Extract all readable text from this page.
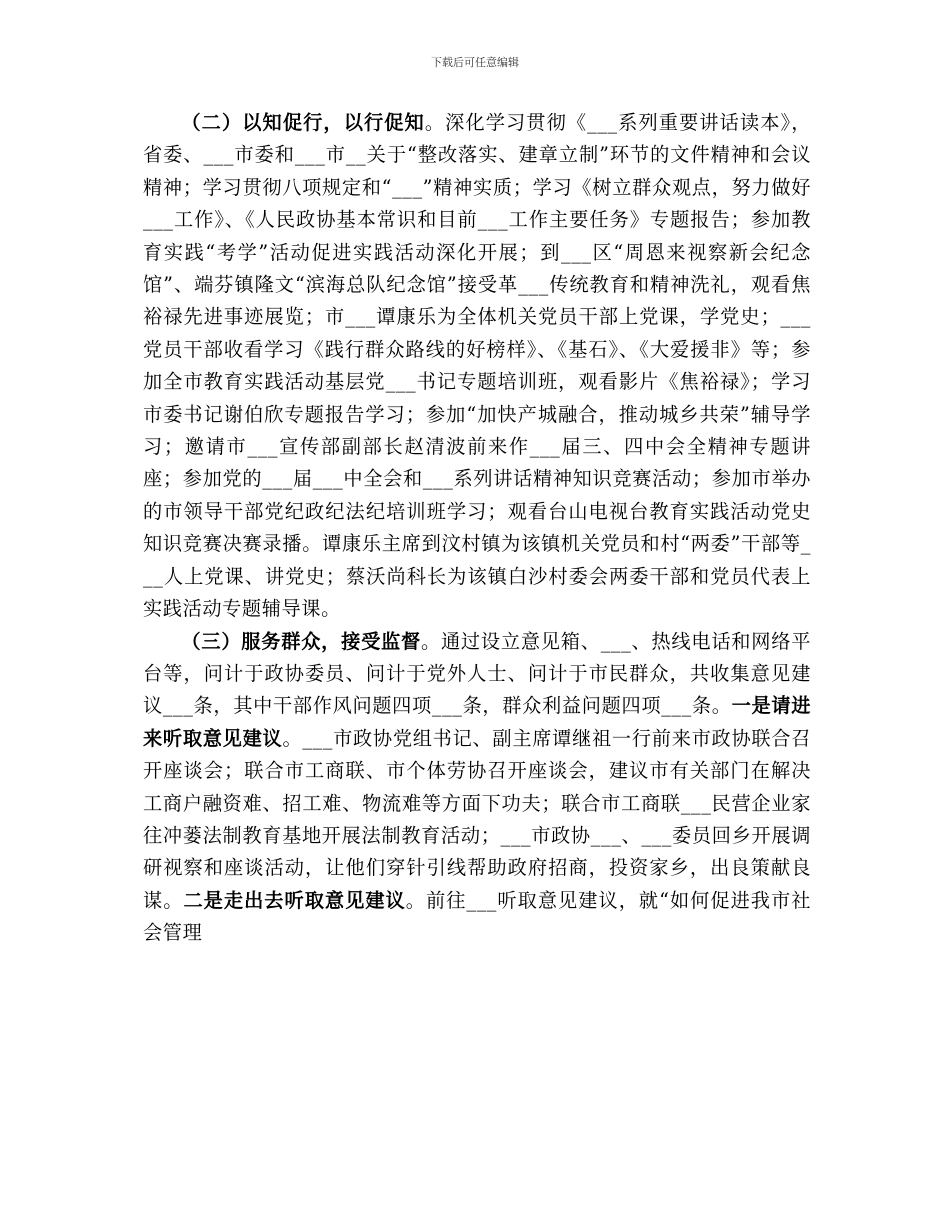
下载后可任意编辑

（二）以知促行，以行促知。深化学习贯彻《___系列重要讲话读本》，省委、___市委和___市__关于“整改落实、建章立制”环节的文件精神和会议精神；学习贯彻八项规定和“___”精神实质；学习《树立群众观点，努力做好___工作》、《人民政协基本常识和目前___工作主要任务》专题报告；参加教育实践“考学”活动促进实践活动深化开展；到___区“周恩来视察新会纪念馆”、端芬镇隆文“滨海总队纪念馆”接受革___传统教育和精神洗礼，观看焦裕禄先进事迹展览；市___谭康乐为全体机关党员干部上党课，学党史；___党员干部收看学习《践行群众路线的好榜样》、《基石》、《大爱援非》等；参加全市教育实践活动基层党___书记专题培训班，观看影片《焦裕禄》；学习市委书记谢伯欣专题报告学习；参加“加快产城融合，推动城乡共荣”辅导学习；邀请市___宣传部副部长赵清波前来作___届三、四中会全精神专题讲座；参加党的___届___中全会和___系列讲话精神知识竞赛活动；参加市举办的市领导干部党纪政纪法纪培训班学习；观看台山电视台教育实践活动党史知识竞赛决赛录播。谭康乐主席到汶村镇为该镇机关党员和村“两委”干部等___人上党课、讲党史；蔡沃尚科长为该镇白沙村委会两委干部和党员代表上实践活动专题辅导课。

（三）服务群众，接受监督。通过设立意见箱、___、热线电话和网络平台等，问计于政协委员、问计于党外人士、问计于市民群众，共收集意见建议___条，其中干部作风问题四项___条，群众利益问题四项___条。一是请进来听取意见建议。___市政协党组书记、副主席谭继祖一行前来市政协联合召开座谈会；联合市工商联、市个体劳协召开座谈会，建议市有关部门在解决工商户融资难、招工难、物流难等方面下功夫；联合市工商联___民营企业家往冲蒌法制教育基地开展法制教育活动；___市政协___、___委员回乡开展调研视察和座谈活动，让他们穿针引线帮助政府招商，投资家乡，出良策献良谋。二是走出去听取意见建议。前往___听取意见建议，就“如何促进我市社会管理
